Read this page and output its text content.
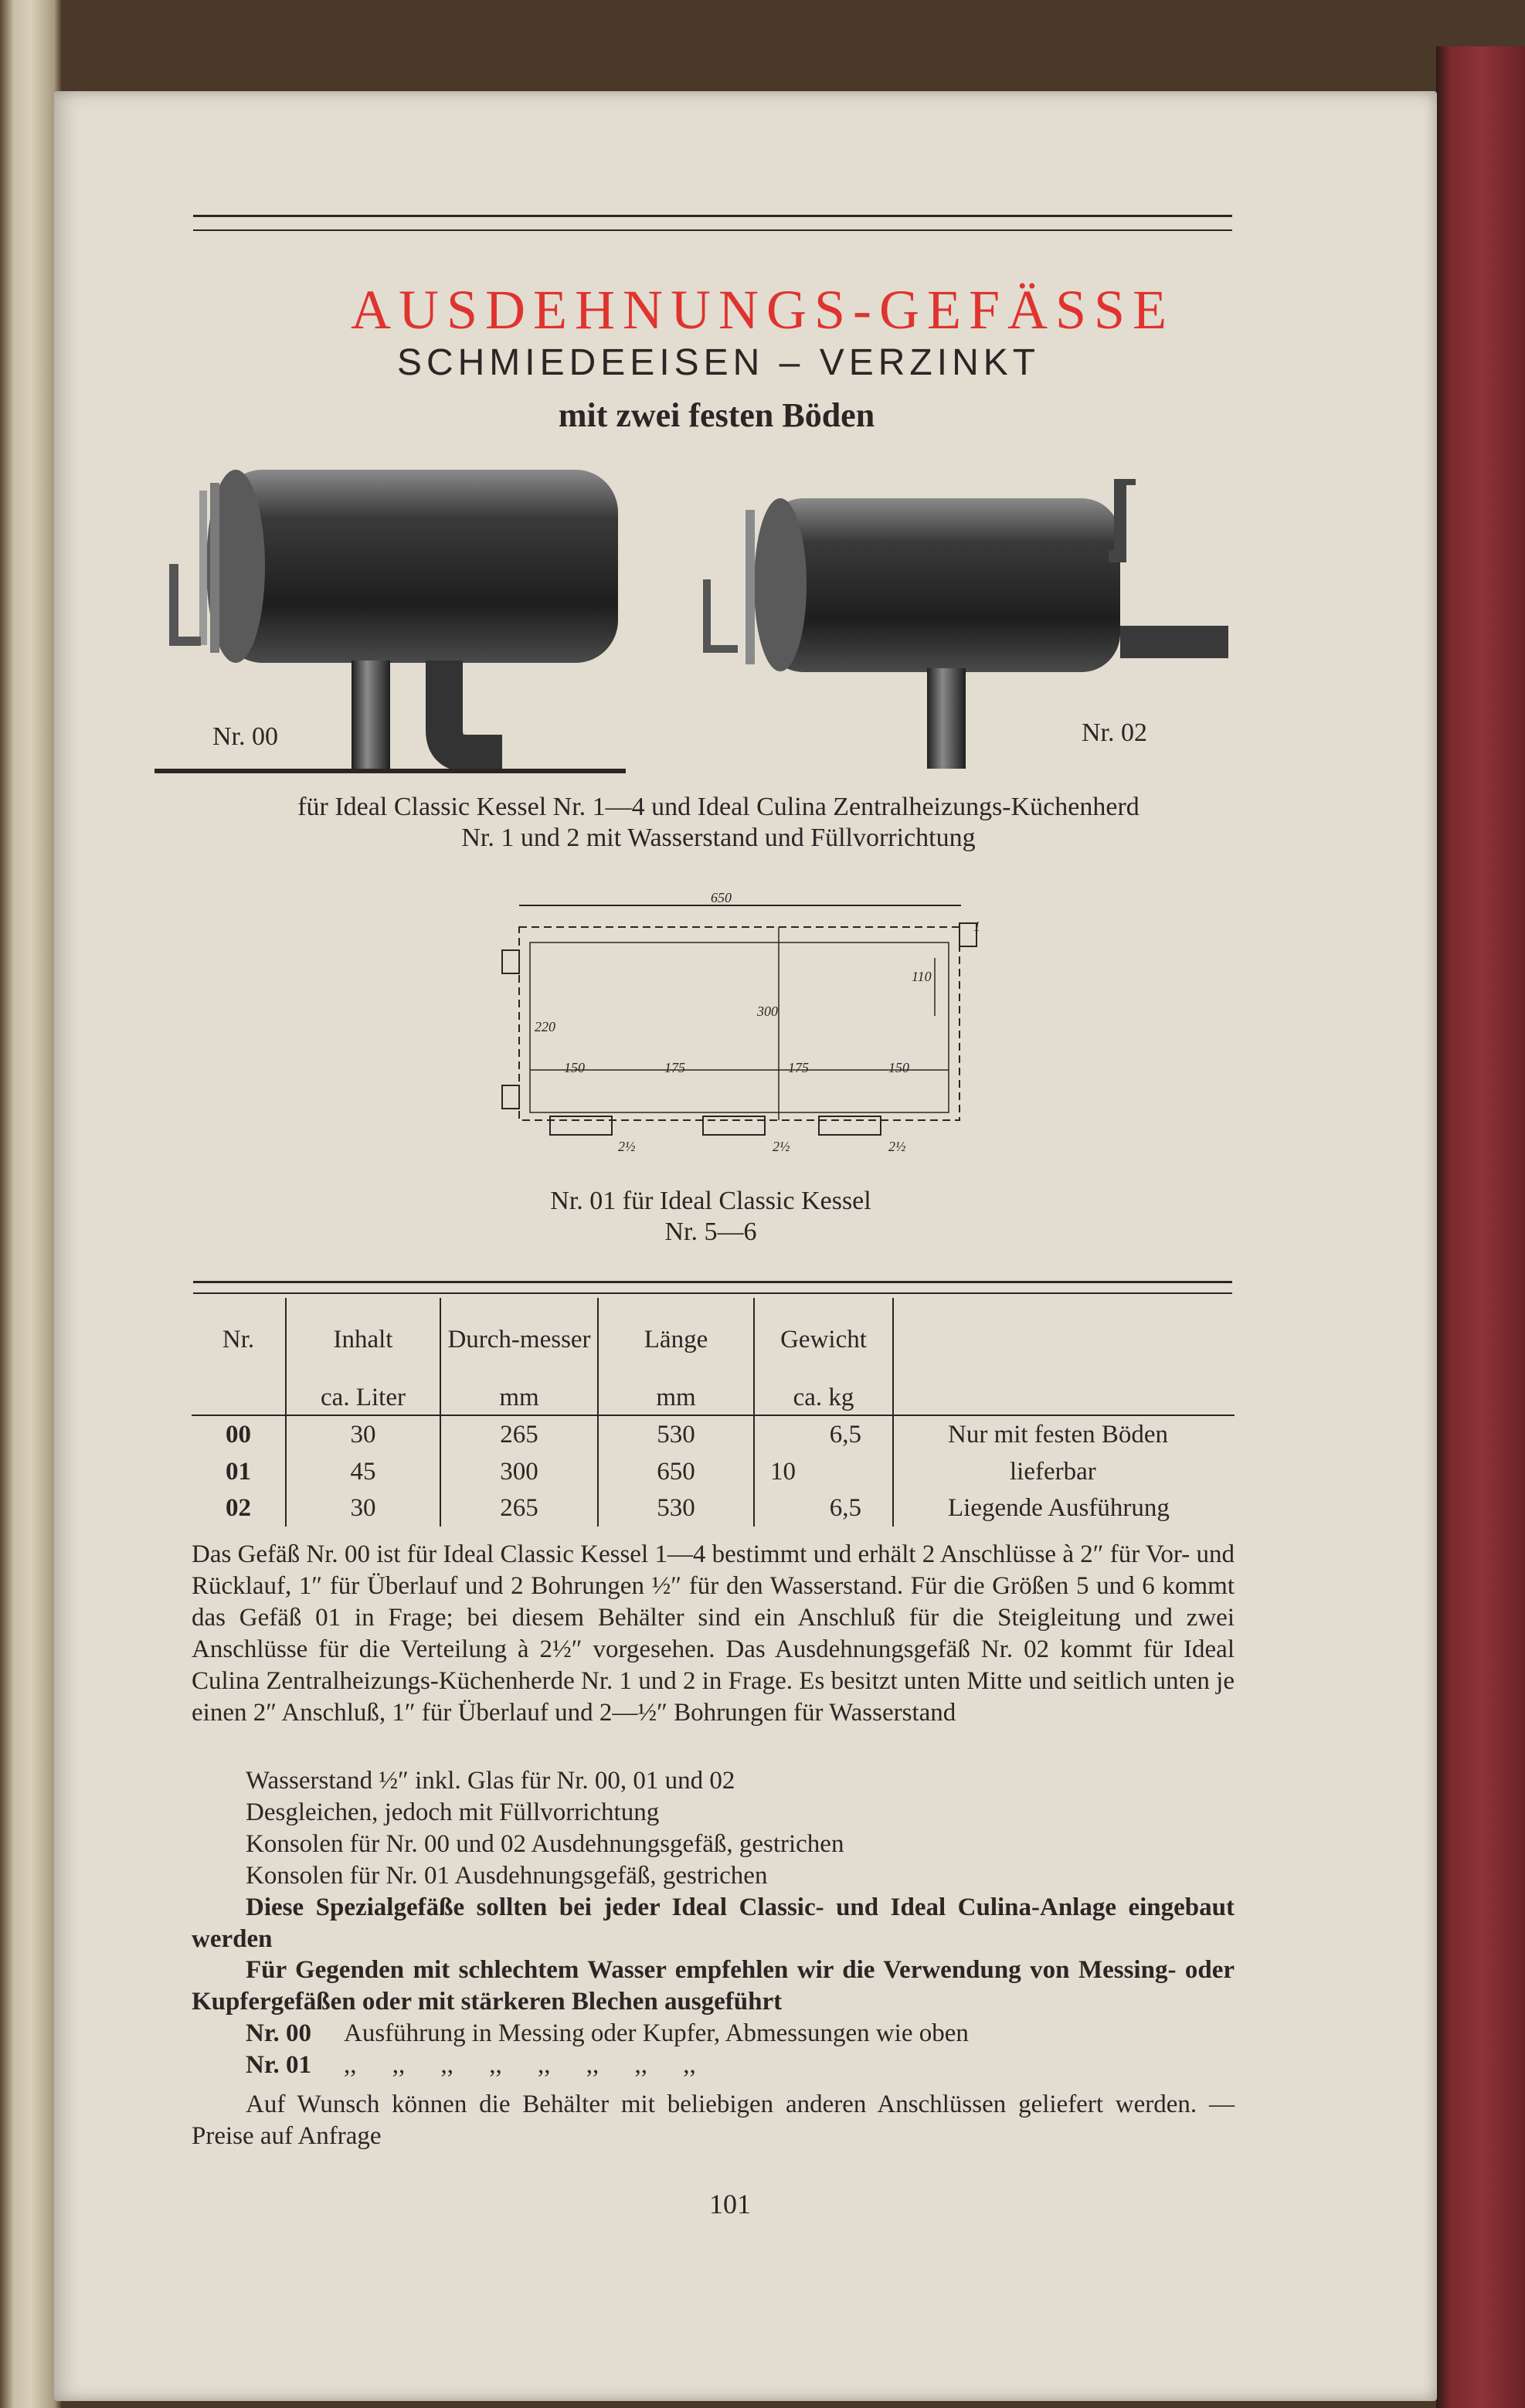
AUSDEHNUNGS-GEFÄSSE
SCHMIEDEEISEN – VERZINKT
mit zwei festen Böden
Nr. 00	Nr. 02
für Ideal Classic Kessel Nr. 1—4 und Ideal Culina Zentralheizungs-Küchenherd
Nr. 1 und 2 mit Wasserstand und Füllvorrichtung
650
300
110
220
150	175	175	150
2½	2½	2½
1
Nr. 01 für Ideal Classic Kessel
Nr. 5—6
Nr.	Inhalt	Durch-messer	Länge	Gewicht	
	ca. Liter	mm	mm	ca. kg	
00	30	265	530	6,5	Nur mit festen Böden
01	45	300	650	10	lieferbar
02	30	265	530	6,5	Liegende Ausführung
Das Gefäß Nr. 00 ist für Ideal Classic Kessel 1—4 bestimmt und erhält 2 Anschlüsse à 2″ für Vor- und Rücklauf, 1″ für Überlauf und 2 Bohrungen ½″ für den Wasserstand. Für die Größen 5 und 6 kommt das Gefäß 01 in Frage; bei diesem Behälter sind ein Anschluß für die Steigleitung und zwei Anschlüsse für die Verteilung à 2½″ vorgesehen. Das Ausdehnungsgefäß Nr. 02 kommt für Ideal Culina Zentralheizungs-Küchenherde Nr. 1 und 2 in Frage. Es besitzt unten Mitte und seitlich unten je einen 2″ Anschluß, 1″ für Überlauf und 2—½″ Bohrungen für Wasserstand
Wasserstand ½″ inkl. Glas für Nr. 00, 01 und 02
Desgleichen, jedoch mit Füllvorrichtung
Konsolen für Nr. 00 und 02 Ausdehnungsgefäß, gestrichen
Konsolen für Nr. 01 Ausdehnungsgefäß, gestrichen
Diese Spezialgefäße sollten bei jeder Ideal Classic- und Ideal Culina-Anlage eingebaut werden
Für Gegenden mit schlechtem Wasser empfehlen wir die Verwendung von Messing- oder Kupfergefäßen oder mit stärkeren Blechen ausgeführt
Nr. 00 Ausführung in Messing oder Kupfer, Abmessungen wie oben
Nr. 01 ,, ,, ,, ,, ,, ,, ,, ,,
Auf Wunsch können die Behälter mit beliebigen anderen Anschlüssen geliefert werden. — Preise auf Anfrage
101
